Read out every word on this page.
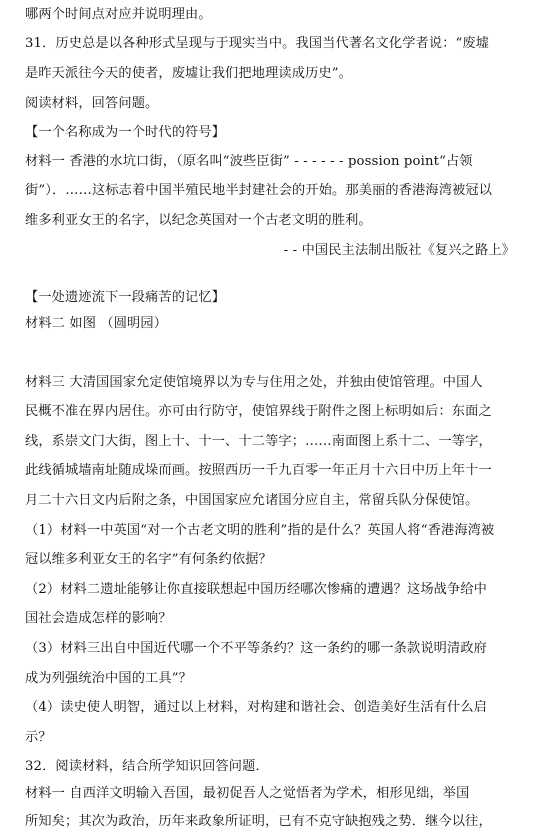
哪两个时间点对应并说明理由。
31．历史总是以各种形式呈现与于现实当中。我国当代著名文化学者说：“废墟
是昨天派往今天的使者，废墟让我们把地理读成历史”。
阅读材料，回答问题。
【一个名称成为一个时代的符号】
材料一 香港的水坑口街，（原名叫“波些臣街” - - - - - - possion point“占领
街”）．……这标志着中国半殖民地半封建社会的开始。那美丽的香港海湾被冠以
维多利亚女王的名字，以纪念英国对一个古老文明的胜利。
- - 中国民主法制出版社《复兴之路上》
【一处遗迹流下一段痛苦的记忆】
材料二 如图 （圆明园）
材料三 大清国国家允定使馆境界以为专与住用之处，并独由使馆管理。中国人
民概不准在界内居住。亦可由行防守，使馆界线于附件之图上标明如后：东面之
线，系崇文门大街，图上十、十一、十二等字；……南面图上系十二、一等字，
此线循城墙南址随成垛而画。按照西历一千九百零一年正月十六日中历上年十一
月二十六日文内后附之条，中国国家应允诸国分应自主，常留兵队分保使馆。
（1）材料一中英国“对一个古老文明的胜利”指的是什么？英国人将“香港海湾被
冠以维多利亚女王的名字”有何条约依据？
（2）材料二遗址能够让你直接联想起中国历经哪次惨痛的遭遇？这场战争给中
国社会造成怎样的影响？
（3）材料三出自中国近代哪一个不平等条约？这一条约的哪一条款说明清政府
成为列强统治中国的工具”？
（4）读史使人明智，通过以上材料，对构建和谐社会、创造美好生活有什么启
示？
32．阅读材料，结合所学知识回答问题．
材料一 自西洋文明输入吾国，最初促吾人之觉悟者为学术，相形见绌，举国
所知矣；其次为政治，历年来政象所证明，已有不克守缺抱残之势．继今以往，
